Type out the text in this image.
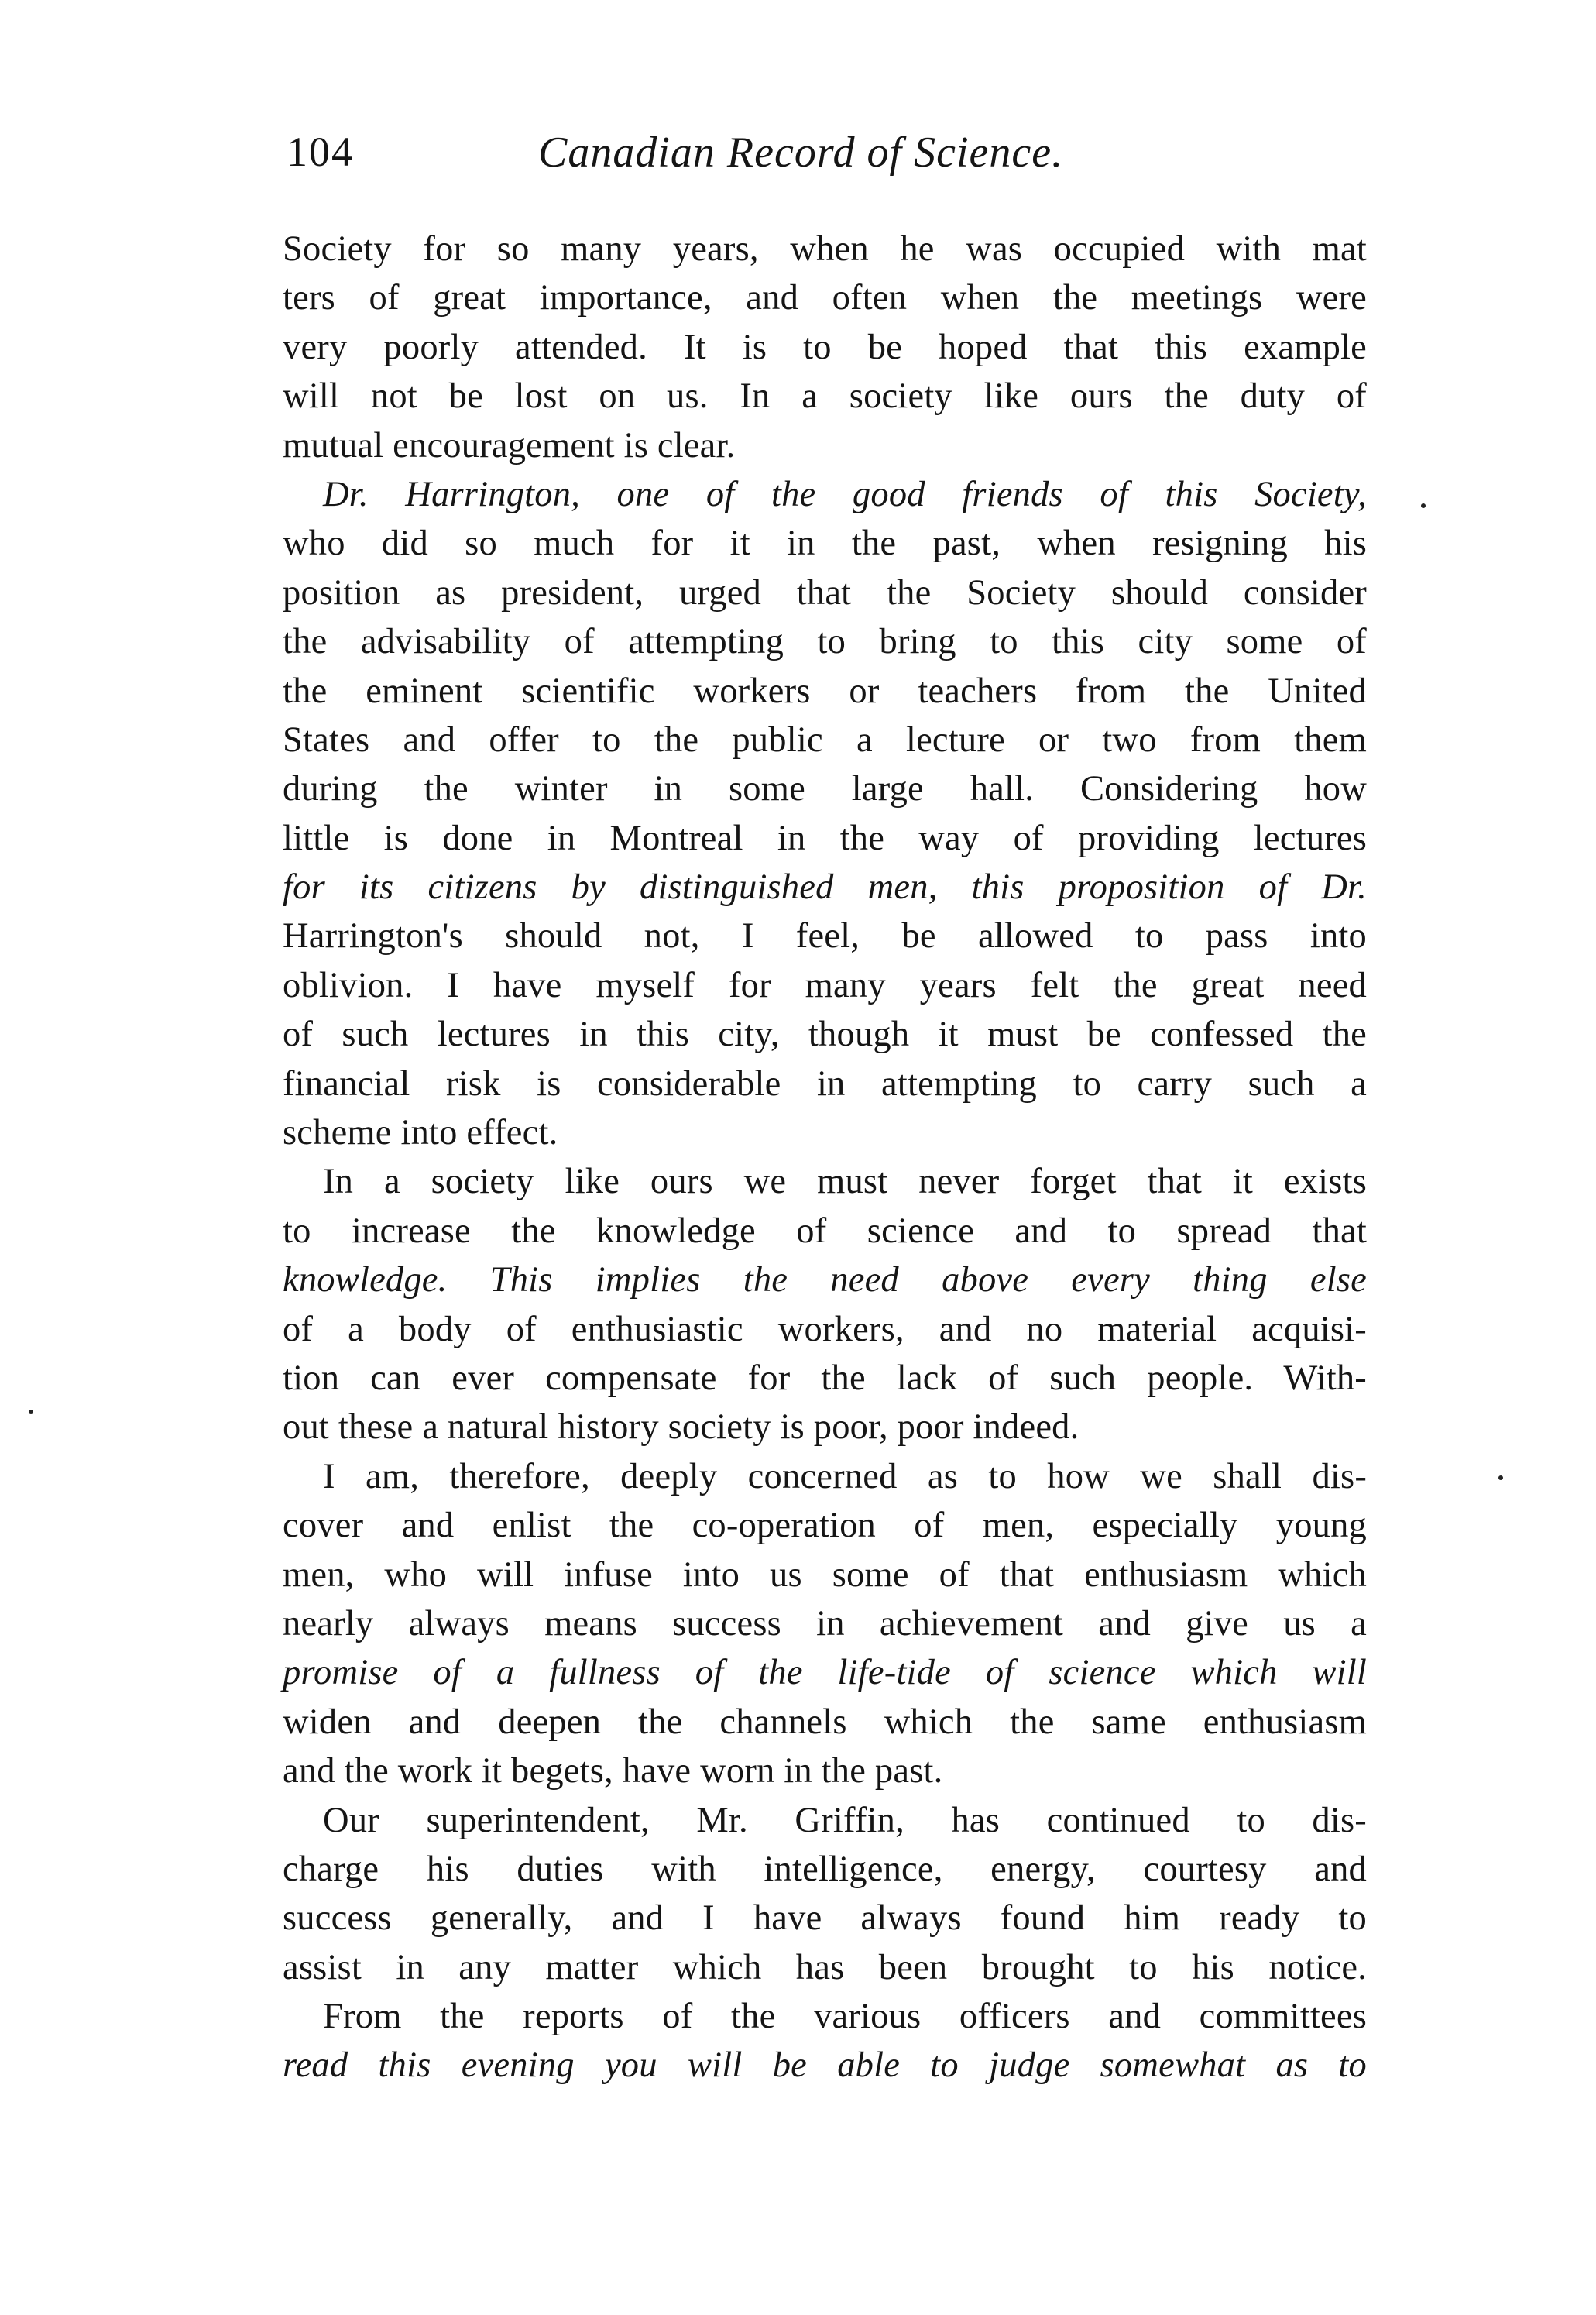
104	Canadian Record of Science.
Society for so many years, when he was occupied with mat
ters of great importance, and often when the meetings were
very poorly attended. It is to be hoped that this example
will not be lost on us. In a society like ours the duty of
mutual encouragement is clear.
Dr. Harrington, one of the good friends of this Society,
who did so much for it in the past, when resigning his
position as president, urged that the Society should consider
the advisability of attempting to bring to this city some of
the eminent scientific workers or teachers from the United
States and offer to the public a lecture or two from them
during the winter in some large hall. Considering how
little is done in Montreal in the way of providing lectures
for its citizens by distinguished men, this proposition of Dr.
Harrington's should not, I feel, be allowed to pass into
oblivion. I have myself for many years felt the great need
of such lectures in this city, though it must be confessed the
financial risk is considerable in attempting to carry such a
scheme into effect.
In a society like ours we must never forget that it exists
to increase the knowledge of science and to spread that
knowledge. This implies the need above every thing else
of a body of enthusiastic workers, and no material acquisi-
tion can ever compensate for the lack of such people. With-
out these a natural history society is poor, poor indeed.
I am, therefore, deeply concerned as to how we shall dis-
cover and enlist the co-operation of men, especially young
men, who will infuse into us some of that enthusiasm which
nearly always means success in achievement and give us a
promise of a fullness of the life-tide of science which will
widen and deepen the channels which the same enthusiasm
and the work it begets, have worn in the past.
Our superintendent, Mr. Griffin, has continued to dis-
charge his duties with intelligence, energy, courtesy and
success generally, and I have always found him ready to
assist in any matter which has been brought to his notice.
From the reports of the various officers and committees
read this evening you will be able to judge somewhat as to
